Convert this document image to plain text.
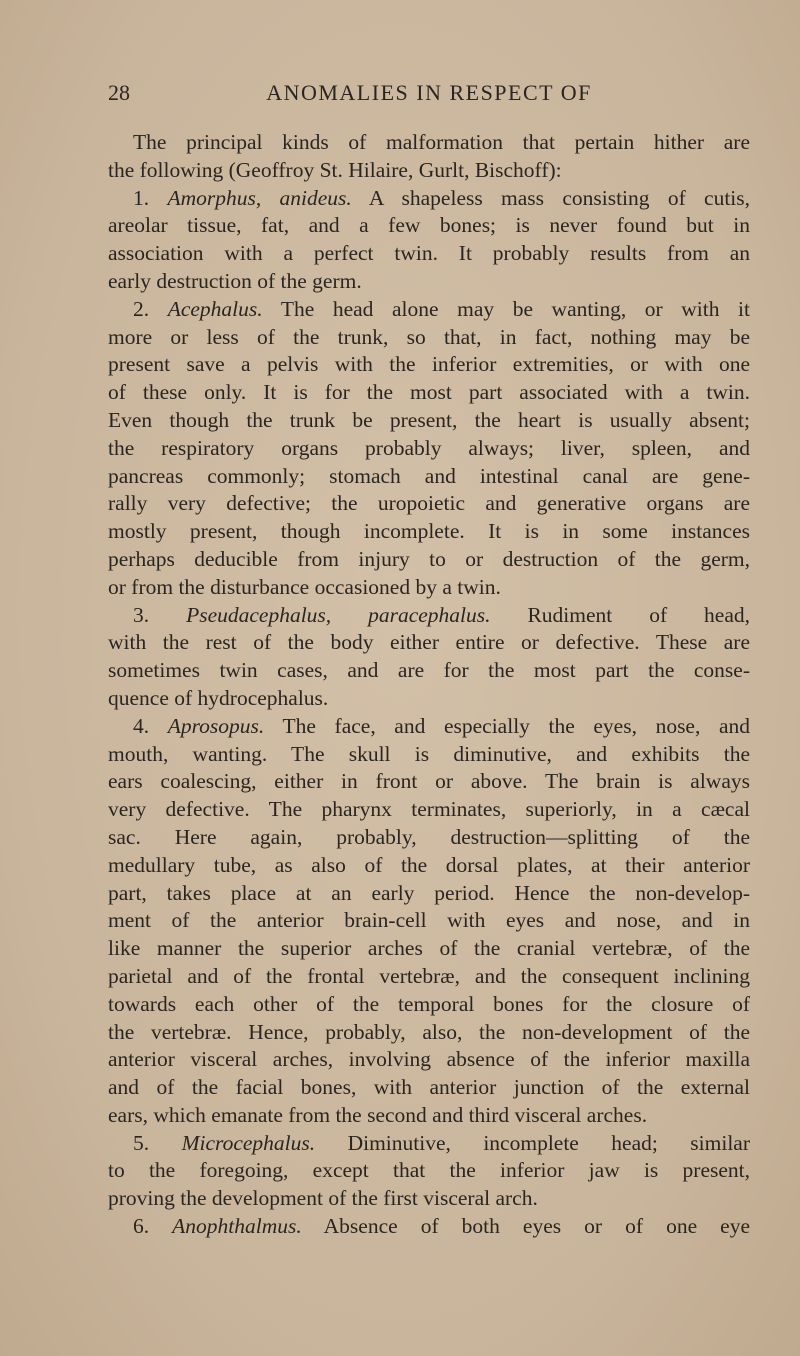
28	ANOMALIES IN RESPECT OF
The principal kinds of malformation that pertain hither are
the following (Geoffroy St. Hilaire, Gurlt, Bischoff):
1. Amorphus, anideus. A shapeless mass consisting of cutis,
areolar tissue, fat, and a few bones; is never found but in
association with a perfect twin. It probably results from an
early destruction of the germ.
2. Acephalus. The head alone may be wanting, or with it
more or less of the trunk, so that, in fact, nothing may be
present save a pelvis with the inferior extremities, or with one
of these only. It is for the most part associated with a twin.
Even though the trunk be present, the heart is usually absent;
the respiratory organs probably always; liver, spleen, and
pancreas commonly; stomach and intestinal canal are gene-
rally very defective; the uropoietic and generative organs are
mostly present, though incomplete. It is in some instances
perhaps deducible from injury to or destruction of the germ,
or from the disturbance occasioned by a twin.
3. Pseudacephalus, paracephalus. Rudiment of head,
with the rest of the body either entire or defective. These are
sometimes twin cases, and are for the most part the conse-
quence of hydrocephalus.
4. Aprosopus. The face, and especially the eyes, nose, and
mouth, wanting. The skull is diminutive, and exhibits the
ears coalescing, either in front or above. The brain is always
very defective. The pharynx terminates, superiorly, in a cæcal
sac. Here again, probably, destruction—splitting of the
medullary tube, as also of the dorsal plates, at their anterior
part, takes place at an early period. Hence the non-develop-
ment of the anterior brain-cell with eyes and nose, and in
like manner the superior arches of the cranial vertebræ, of the
parietal and of the frontal vertebræ, and the consequent inclining
towards each other of the temporal bones for the closure of
the vertebræ. Hence, probably, also, the non-development of the
anterior visceral arches, involving absence of the inferior maxilla
and of the facial bones, with anterior junction of the external
ears, which emanate from the second and third visceral arches.
5. Microcephalus. Diminutive, incomplete head; similar
to the foregoing, except that the inferior jaw is present,
proving the development of the first visceral arch.
6. Anophthalmus. Absence of both eyes or of one eye
